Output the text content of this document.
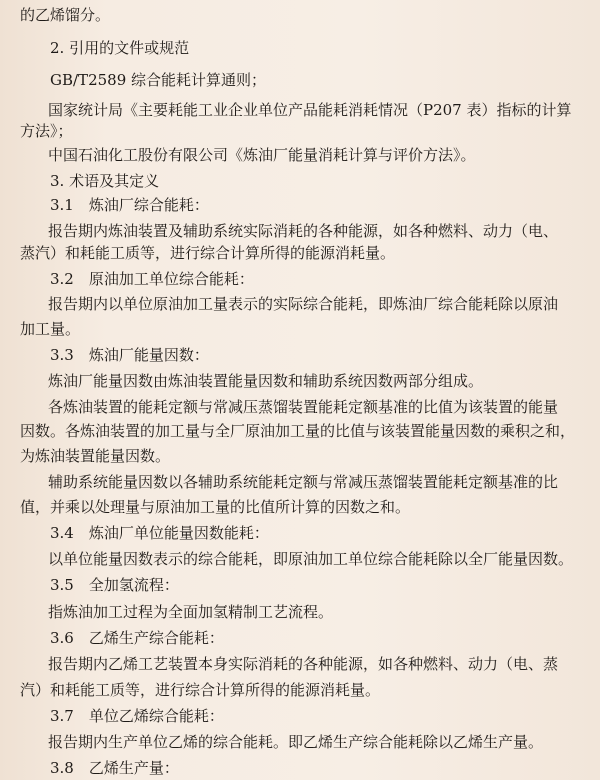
的乙烯馏分。
2. 引用的文件或规范
GB/T2589 综合能耗计算通则；
国家统计局《主要耗能工业企业单位产品能耗消耗情况（P207 表）指标的计算
方法》；
中国石油化工股份有限公司《炼油厂能量消耗计算与评价方法》。
3. 术语及其定义
3.1　炼油厂综合能耗：
报告期内炼油装置及辅助系统实际消耗的各种能源，如各种燃料、动力（电、
蒸汽）和耗能工质等，进行综合计算所得的能源消耗量。
3.2　原油加工单位综合能耗：
报告期内以单位原油加工量表示的实际综合能耗，即炼油厂综合能耗除以原油
加工量。
3.3　炼油厂能量因数：
炼油厂能量因数由炼油装置能量因数和辅助系统因数两部分组成。
各炼油装置的能耗定额与常减压蒸馏装置能耗定额基准的比值为该装置的能量
因数。各炼油装置的加工量与全厂原油加工量的比值与该装置能量因数的乘积之和，
为炼油装置能量因数。
辅助系统能量因数以各辅助系统能耗定额与常减压蒸馏装置能耗定额基准的比
值，并乘以处理量与原油加工量的比值所计算的因数之和。
3.4　炼油厂单位能量因数能耗：
以单位能量因数表示的综合能耗，即原油加工单位综合能耗除以全厂能量因数。
3.5　全加氢流程：
指炼油加工过程为全面加氢精制工艺流程。
3.6　乙烯生产综合能耗：
报告期内乙烯工艺装置本身实际消耗的各种能源，如各种燃料、动力（电、蒸
汽）和耗能工质等，进行综合计算所得的能源消耗量。
3.7　单位乙烯综合能耗：
报告期内生产单位乙烯的综合能耗。即乙烯生产综合能耗除以乙烯生产量。
3.8　乙烯生产量：
